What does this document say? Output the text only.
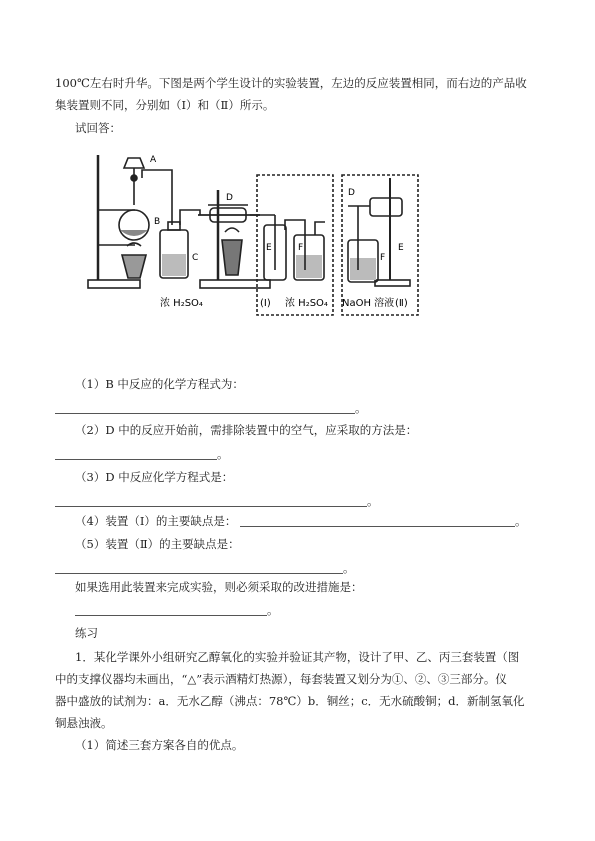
100℃左右时升华。下图是两个学生设计的实验装置，左边的反应装置相同，而右边的产品收
集装置则不同，分别如（Ⅰ）和（Ⅱ）所示。
试回答：
A
B
C
D
E	F
D
E
F
浓 H₂SO₄	(Ⅰ) 浓 H₂SO₄ NaOH 溶液 (Ⅱ)
（1）B 中反应的化学方程式为：
。
（2）D 中的反应开始前，需排除装置中的空气，应采取的方法是：
。
（3）D 中反应化学方程式是：
。
（4）装置（Ⅰ）的主要缺点是：	。
（5）装置（Ⅱ）的主要缺点是：
。
如果选用此装置来完成实验，则必须采取的改进措施是：
。
练习
1．某化学课外小组研究乙醇氧化的实验并验证其产物，设计了甲、乙、丙三套装置（图
中的支撑仪器均未画出，“△”表示酒精灯热源），每套装置又划分为①、②、③三部分。仪
器中盛放的试剂为：a．无水乙醇（沸点：78℃）b．铜丝；c．无水硫酸铜；d．新制氢氧化
铜悬浊液。
（1）简述三套方案各自的优点。
